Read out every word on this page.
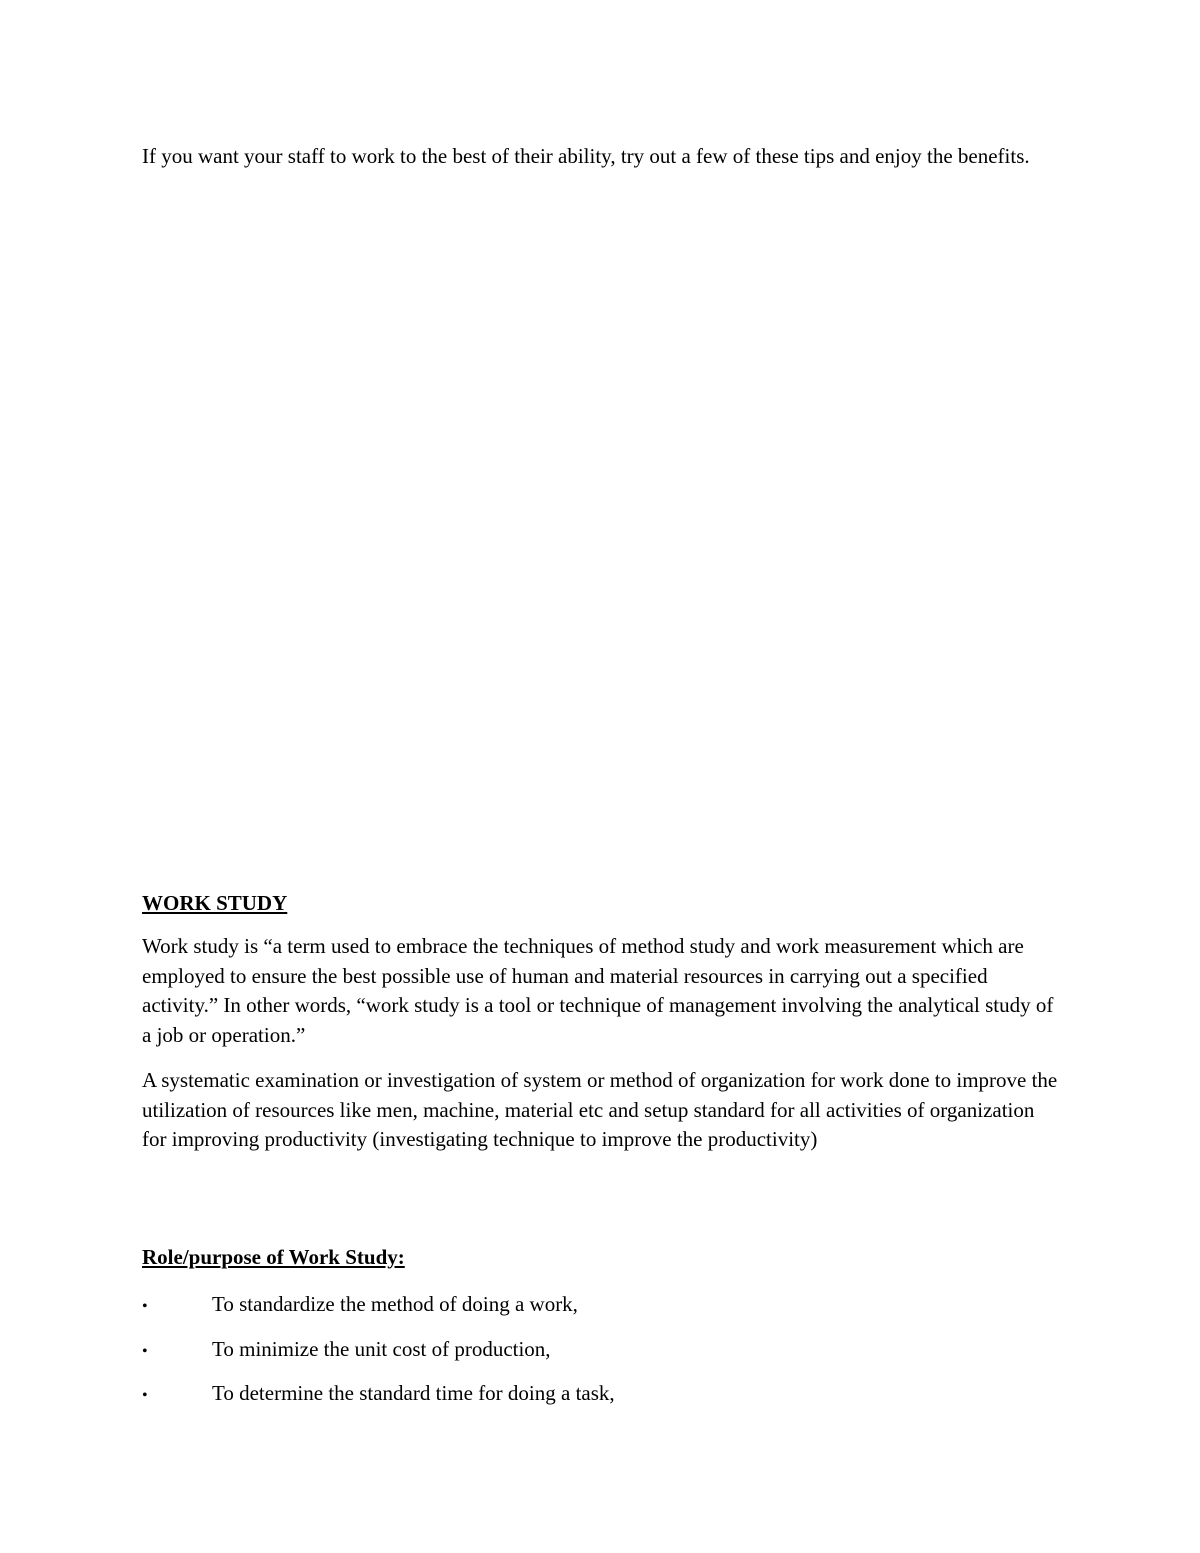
If you want your staff to work to the best of their ability, try out a few of these tips and enjoy the benefits.

WORK STUDY

Work study is “a term used to embrace the techniques of method study and work measurement which are employed to ensure the best possible use of human and material resources in carrying out a specified activity.” In other words, “work study is a tool or technique of management involving the analytical study of a job or operation.”

A systematic examination or investigation of system or method of organization for work done to improve the utilization of resources like men, machine, material etc and setup standard for all activities of organization for improving productivity (investigating technique to improve the productivity)

Role/purpose of Work Study:
•	To standardize the method of doing a work,
•	To minimize the unit cost of production,
•	To determine the standard time for doing a task,
